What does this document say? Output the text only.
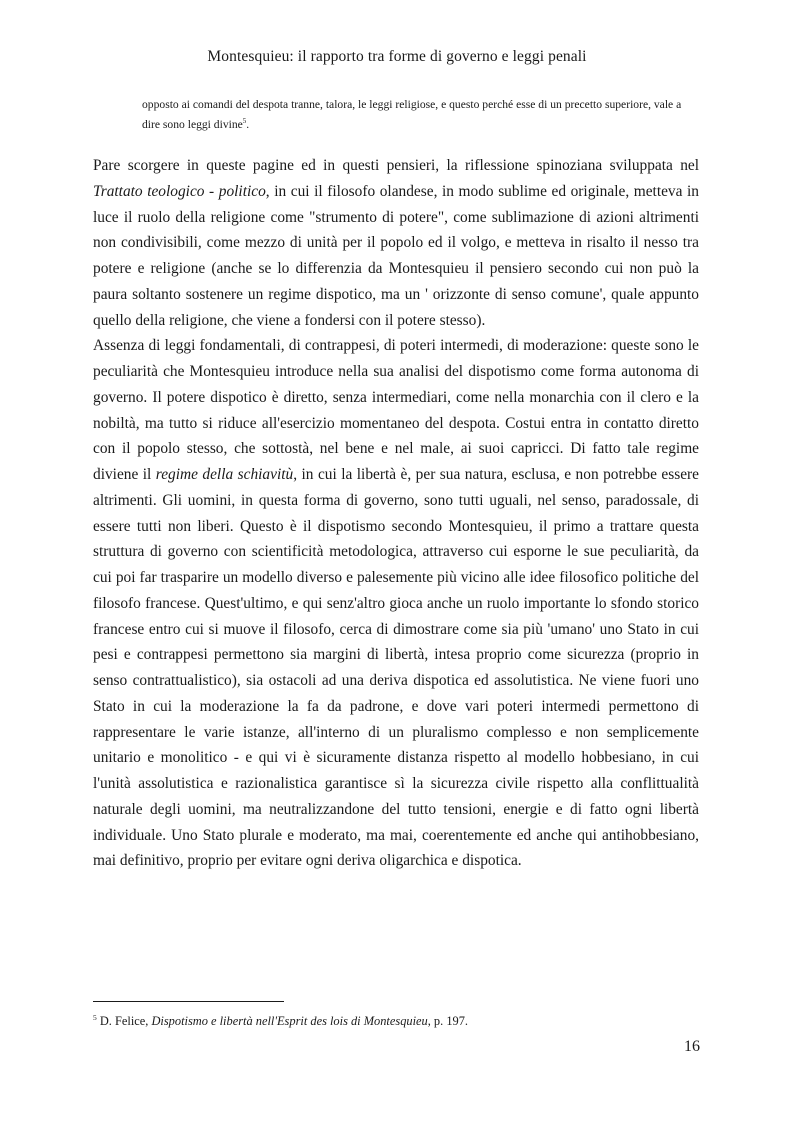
Montesquieu: il rapporto tra forme di governo e leggi penali

opposto ai comandi del despota tranne, talora, le leggi religiose, e questo perché esse di un precetto superiore, vale a dire sono leggi divine$^5$.

Pare scorgere in queste pagine ed in questi pensieri, la riflessione spinoziana sviluppata nel Trattato teologico - politico, in cui il filosofo olandese, in modo sublime ed originale, metteva in luce il ruolo della religione come "strumento di potere", come sublimazione di azioni altrimenti non condivisibili, come mezzo di unità per il popolo ed il volgo, e metteva in risalto il nesso tra potere e religione (anche se lo differenzia da Montesquieu il pensiero secondo cui non può la paura soltanto sostenere un regime dispotico, ma un ' orizzonte di senso comune', quale appunto quello della religione, che viene a fondersi con il potere stesso).

Assenza di leggi fondamentali, di contrappesi, di poteri intermedi, di moderazione: queste sono le peculiarità che Montesquieu introduce nella sua analisi del dispotismo come forma autonoma di governo. Il potere dispotico è diretto, senza intermediari, come nella monarchia con il clero e la nobiltà, ma tutto si riduce all'esercizio momentaneo del despota. Costui entra in contatto diretto con il popolo stesso, che sottostà, nel bene e nel male, ai suoi capricci. Di fatto tale regime diviene il regime della schiavitù, in cui la libertà è, per sua natura, esclusa, e non potrebbe essere altrimenti. Gli uomini, in questa forma di governo, sono tutti uguali, nel senso, paradossale, di essere tutti non liberi. Questo è il dispotismo secondo Montesquieu, il primo a trattare questa struttura di governo con scientificità metodologica, attraverso cui esporne le sue peculiarità, da cui poi far trasparire un modello diverso e palesemente più vicino alle idee filosofico politiche del filosofo francese. Quest'ultimo, e qui senz'altro gioca anche un ruolo importante lo sfondo storico francese entro cui si muove il filosofo, cerca di dimostrare come sia più 'umano' uno Stato in cui pesi e contrappesi permettono sia margini di libertà, intesa proprio come sicurezza (proprio in senso contrattualistico), sia ostacoli ad una deriva dispotica ed assolutistica. Ne viene fuori uno Stato in cui la moderazione la fa da padrone, e dove vari poteri intermedi permettono di rappresentare le varie istanze, all'interno di un pluralismo complesso e non semplicemente unitario e monolitico - e qui vi è sicuramente distanza rispetto al modello hobbesiano, in cui l'unità assolutistica e razionalistica garantisce sì la sicurezza civile rispetto alla conflittualità naturale degli uomini, ma neutralizzandone del tutto tensioni, energie e di fatto ogni libertà individuale. Uno Stato plurale e moderato, ma mai, coerentemente ed anche qui antihobbesiano, mai definitivo, proprio per evitare ogni deriva oligarchica e dispotica.

$^5$ D. Felice, Dispotismo e libertà nell'Esprit des lois di Montesquieu, p. 197.

16
